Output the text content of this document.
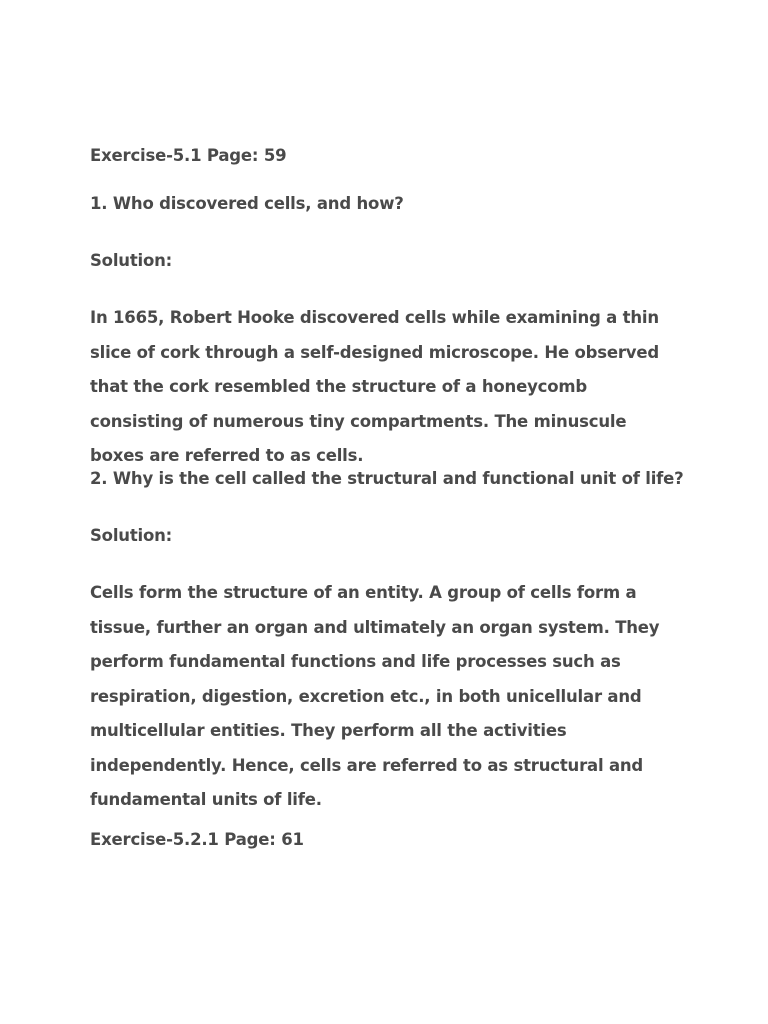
Exercise-5.1 Page: 59

1. Who discovered cells, and how?

Solution:

In 1665, Robert Hooke discovered cells while examining a thin slice of cork through a self-designed microscope. He observed that the cork resembled the structure of a honeycomb consisting of numerous tiny compartments. The minuscule boxes are referred to as cells.

2. Why is the cell called the structural and functional unit of life?

Solution:

Cells form the structure of an entity. A group of cells form a tissue, further an organ and ultimately an organ system. They perform fundamental functions and life processes such as respiration, digestion, excretion etc., in both unicellular and multicellular entities. They perform all the activities independently. Hence, cells are referred to as structural and fundamental units of life.

Exercise-5.2.1 Page: 61
